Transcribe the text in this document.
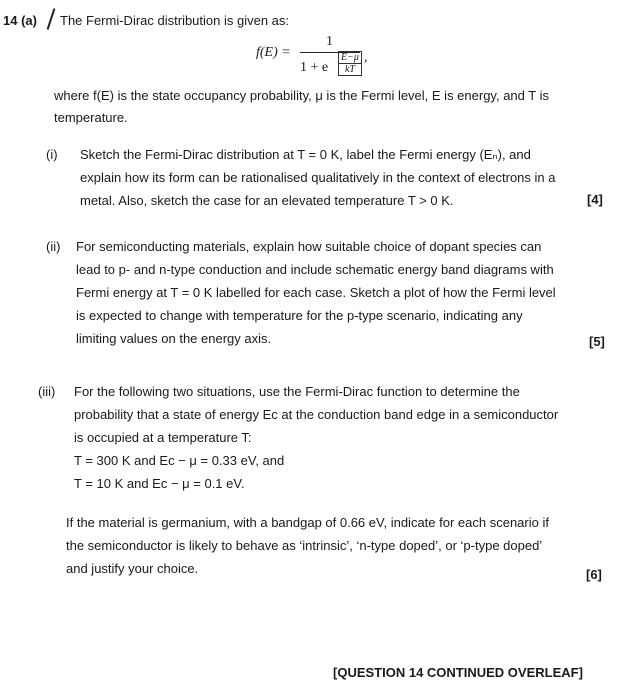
14 (a) The Fermi-Dirac distribution is given as:
f(E) =
1
1 + e
E−μ
kT
,
where f(E) is the state occupancy probability, μ is the Fermi level, E is energy, and T is
temperature.
(i) Sketch the Fermi-Dirac distribution at T = 0 K, label the Fermi energy (Eₙ), and
explain how its form can be rationalised qualitatively in the context of electrons in a
metal. Also, sketch the case for an elevated temperature T > 0 K.	[4]
(ii) For semiconducting materials, explain how suitable choice of dopant species can
lead to p- and n-type conduction and include schematic energy band diagrams with
Fermi energy at T = 0 K labelled for each case. Sketch a plot of how the Fermi level
is expected to change with temperature for the p-type scenario, indicating any
limiting values on the energy axis.	[5]
(iii) For the following two situations, use the Fermi-Dirac function to determine the
probability that a state of energy Ec at the conduction band edge in a semiconductor
is occupied at a temperature T:
T = 300 K and Ec − μ = 0.33 eV, and
T = 10 K and Ec − μ = 0.1 eV.
If the material is germanium, with a bandgap of 0.66 eV, indicate for each scenario if
the semiconductor is likely to behave as ‘intrinsic’, ‘n-type doped’, or ‘p-type doped’
and justify your choice.	[6]
[QUESTION 14 CONTINUED OVERLEAF]
